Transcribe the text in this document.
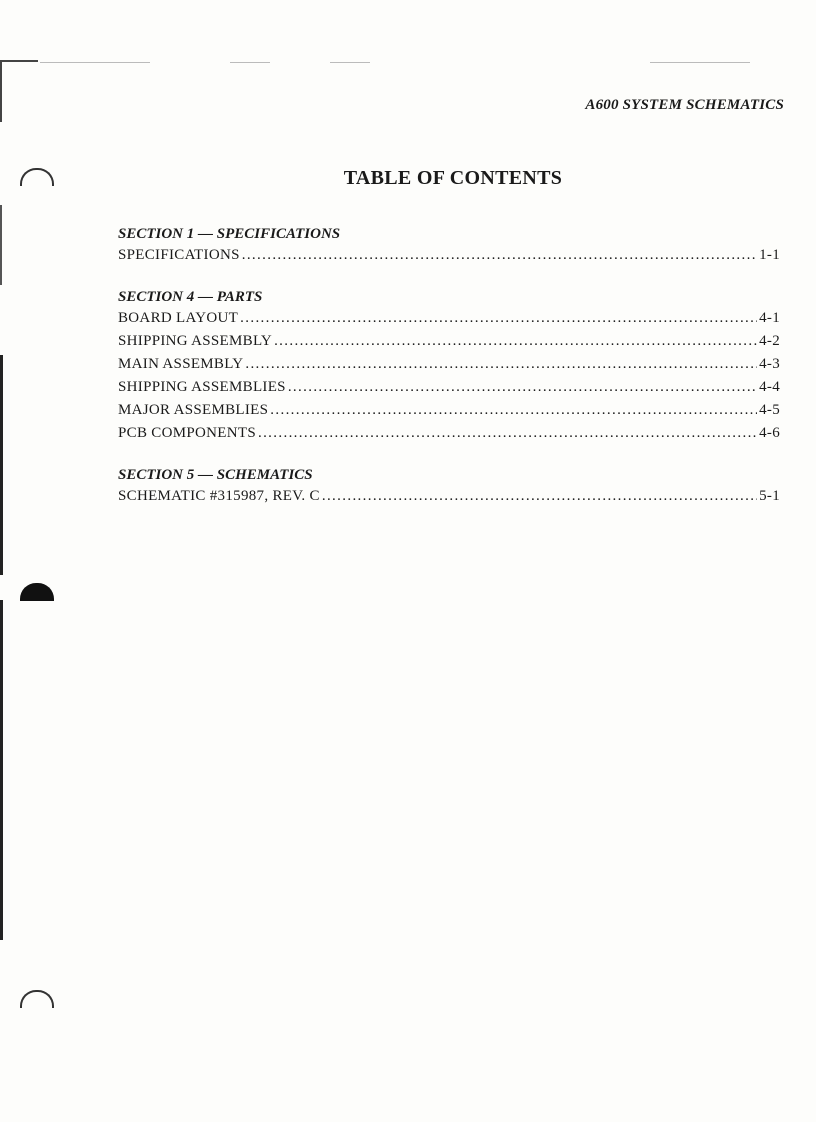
A600 SYSTEM SCHEMATICS
TABLE OF CONTENTS
SECTION 1 — SPECIFICATIONS
SPECIFICATIONS . . .	1-1
SECTION 4 — PARTS
BOARD LAYOUT . . .	4-1
SHIPPING ASSEMBLY . . .	4-2
MAIN ASSEMBLY . . .	4-3
SHIPPING ASSEMBLIES . . .	4-4
MAJOR ASSEMBLIES . . .	4-5
PCB COMPONENTS . . .	4-6
SECTION 5 — SCHEMATICS
SCHEMATIC #315987, REV. C . . .	5-1
